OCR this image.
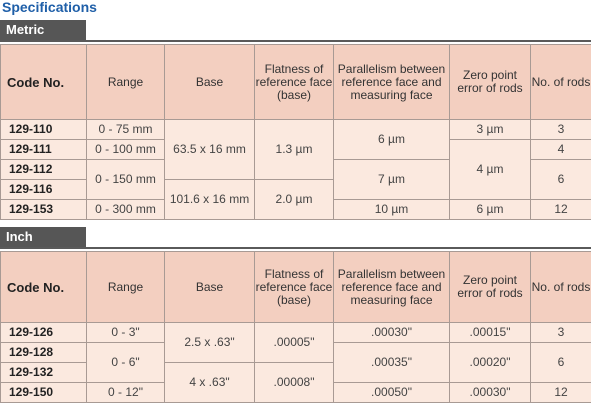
Specifications
Metric
Code No.	Range	Base	Flatness of reference face (base)	Parallelism between reference face and measuring face	Zero point error of rods	No. of rods
129-110	0 - 75 mm	63.5 x 16 mm	1.3 µm	6 µm	3 µm	3
129-111	0 - 100 mm				4 µm	4
129-112	0 - 150 mm			7 µm		6
129-116		101.6 x 16 mm	2.0 µm			
129-153	0 - 300 mm			10 µm	6 µm	12
Inch
Code No.	Range	Base	Flatness of reference face (base)	Parallelism between reference face and measuring face	Zero point error of rods	No. of rods
129-126	0 - 3"	2.5 x .63"	.00005"	.00030"	.00015"	3
129-128	0 - 6"			.00035"	.00020"	6
129-132		4 x .63"	.00008"			
129-150	0 - 12"			.00050"	.00030"	12
